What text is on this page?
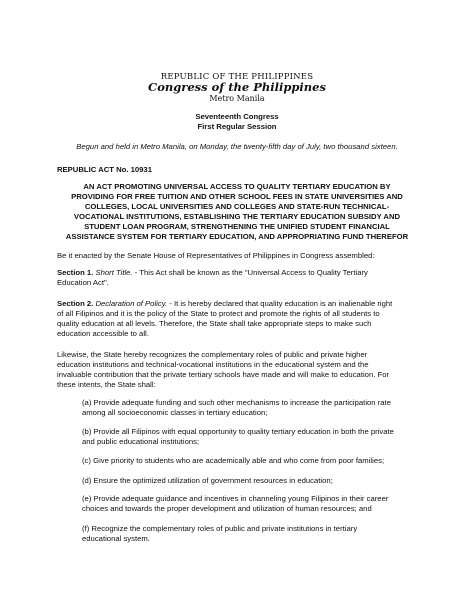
REPUBLIC OF THE PHILIPPINES
Congress of the Philippines
Metro Manila
Seventeenth Congress
First Regular Session
Begun and held in Metro Manila, on Monday, the twenty-fifth day of July, two thousand sixteen.
REPUBLIC ACT No. 10931
AN ACT PROMOTING UNIVERSAL ACCESS TO QUALITY TERTIARY EDUCATION BY
PROVIDING FOR FREE TUITION AND OTHER SCHOOL FEES IN STATE UNIVERSITIES AND
COLLEGES, LOCAL UNIVERSITIES AND COLLEGES AND STATE-RUN TECHNICAL-
VOCATIONAL INSTITUTIONS, ESTABLISHING THE TERTIARY EDUCATION SUBSIDY AND
STUDENT LOAN PROGRAM, STRENGTHENING THE UNIFIED STUDENT FINANCIAL
ASSISTANCE SYSTEM FOR TERTIARY EDUCATION, AND APPROPRIATING FUND THEREFOR
Be it enacted by the Senate House of Representatives of Philippines in Congress assembled:
Section 1. Short Title. - This Act shall be known as the "Universal Access to Quality Tertiary
Education Act".
Section 2. Declaration of Policy. - It is hereby declared that quality education is an inalienable right
of all Filipinos and it is the policy of the State to protect and promote the rights of all students to
quality education at all levels. Therefore, the State shall take appropriate steps to make such
education accessible to all.
Likewise, the State hereby recognizes the complementary roles of public and private higher
education institutions and technical-vocational institutions in the educational system and the
invaluable contribution that the private tertiary schools have made and will make to education. For
these intents, the State shall:
(a) Provide adequate funding and such other mechanisms to increase the participation rate
among all socioeconomic classes in tertiary education;
(b) Provide all Filipinos with equal opportunity to quality tertiary education in both the private
and public educational institutions;
(c) Give priority to students who are academically able and who come from poor families;
(d) Ensure the optimized utilization of government resources in education;
(e) Provide adequate guidance and incentives in channeling young Filipinos in their career
choices and towards the proper development and utilization of human resources; and
(f) Recognize the complementary roles of public and private institutions in tertiary
educational system.
